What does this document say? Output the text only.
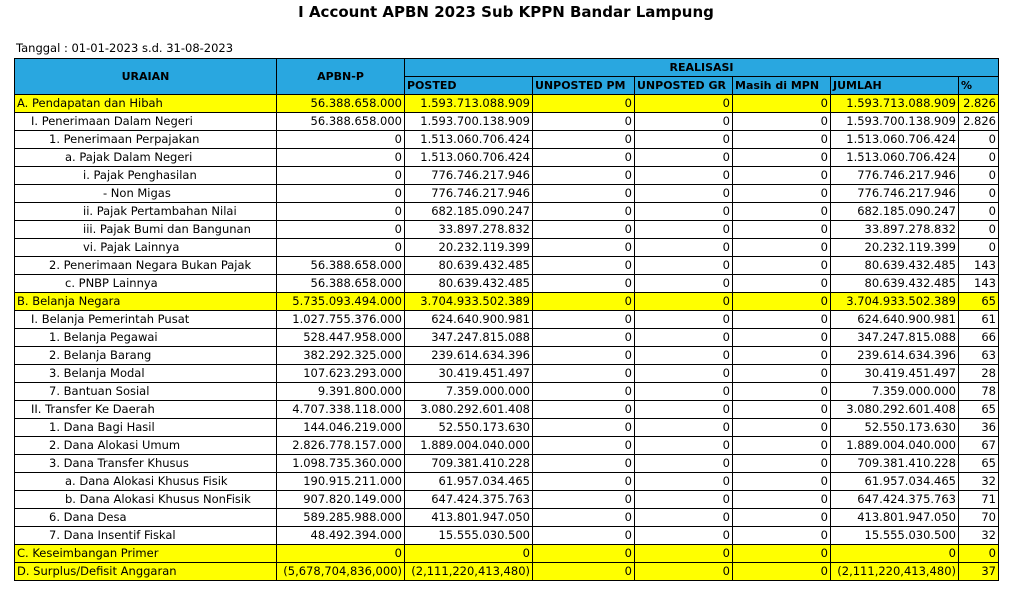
I Account APBN 2023 Sub KPPN Bandar Lampung
Tanggal : 01-01-2023 s.d. 31-08-2023
URAIAN	APBN-P	REALISASI					
		POSTED	UNPOSTED PM	UNPOSTED GR	Masih di MPN	JUMLAH	%
A. Pendapatan dan Hibah	56.388.658.000	1.593.713.088.909	0	0	0	1.593.713.088.909	2.826
I. Penerimaan Dalam Negeri	56.388.658.000	1.593.700.138.909	0	0	0	1.593.700.138.909	2.826
1. Penerimaan Perpajakan	0	1.513.060.706.424	0	0	0	1.513.060.706.424	0
a. Pajak Dalam Negeri	0	1.513.060.706.424	0	0	0	1.513.060.706.424	0
i. Pajak Penghasilan	0	776.746.217.946	0	0	0	776.746.217.946	0
- Non Migas	0	776.746.217.946	0	0	0	776.746.217.946	0
ii. Pajak Pertambahan Nilai	0	682.185.090.247	0	0	0	682.185.090.247	0
iii. Pajak Bumi dan Bangunan	0	33.897.278.832	0	0	0	33.897.278.832	0
vi. Pajak Lainnya	0	20.232.119.399	0	0	0	20.232.119.399	0
2. Penerimaan Negara Bukan Pajak	56.388.658.000	80.639.432.485	0	0	0	80.639.432.485	143
c. PNBP Lainnya	56.388.658.000	80.639.432.485	0	0	0	80.639.432.485	143
B. Belanja Negara	5.735.093.494.000	3.704.933.502.389	0	0	0	3.704.933.502.389	65
I. Belanja Pemerintah Pusat	1.027.755.376.000	624.640.900.981	0	0	0	624.640.900.981	61
1. Belanja Pegawai	528.447.958.000	347.247.815.088	0	0	0	347.247.815.088	66
2. Belanja Barang	382.292.325.000	239.614.634.396	0	0	0	239.614.634.396	63
3. Belanja Modal	107.623.293.000	30.419.451.497	0	0	0	30.419.451.497	28
7. Bantuan Sosial	9.391.800.000	7.359.000.000	0	0	0	7.359.000.000	78
II. Transfer Ke Daerah	4.707.338.118.000	3.080.292.601.408	0	0	0	3.080.292.601.408	65
1. Dana Bagi Hasil	144.046.219.000	52.550.173.630	0	0	0	52.550.173.630	36
2. Dana Alokasi Umum	2.826.778.157.000	1.889.004.040.000	0	0	0	1.889.004.040.000	67
3. Dana Transfer Khusus	1.098.735.360.000	709.381.410.228	0	0	0	709.381.410.228	65
a. Dana Alokasi Khusus Fisik	190.915.211.000	61.957.034.465	0	0	0	61.957.034.465	32
b. Dana Alokasi Khusus NonFisik	907.820.149.000	647.424.375.763	0	0	0	647.424.375.763	71
6. Dana Desa	589.285.988.000	413.801.947.050	0	0	0	413.801.947.050	70
7. Dana Insentif Fiskal	48.492.394.000	15.555.030.500	0	0	0	15.555.030.500	32
C. Keseimbangan Primer	0	0	0	0	0	0	0
D. Surplus/Defisit Anggaran	(5,678,704,836,000)	(2,111,220,413,480)	0	0	0	(2,111,220,413,480)	37
